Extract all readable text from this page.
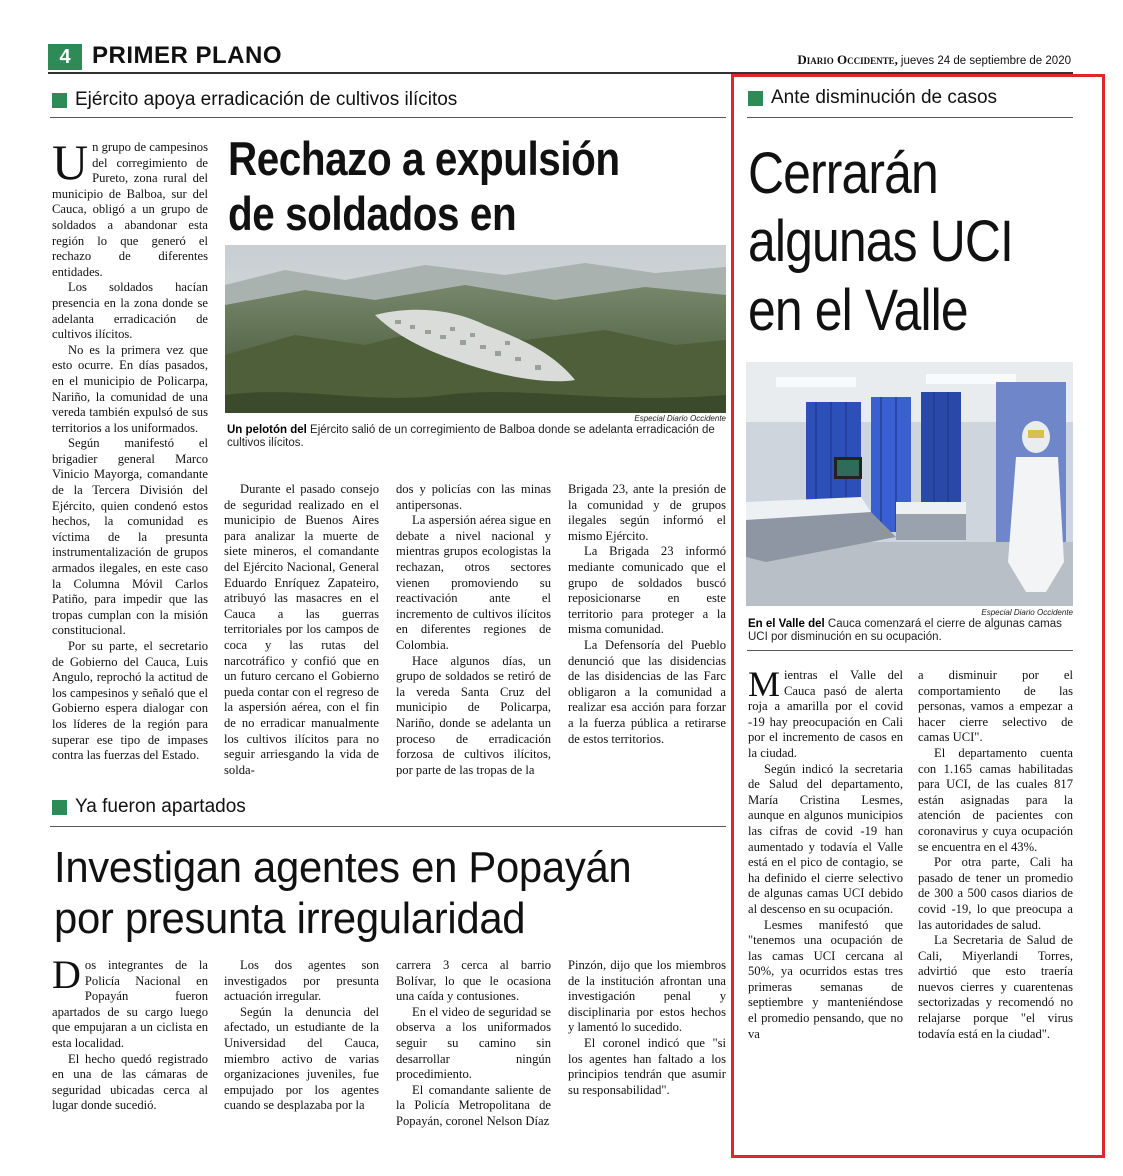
4 PRIMER PLANO	Diario Occidente, jueves 24 de septiembre de 2020
Ejército apoya erradicación de cultivos ilícitos
Rechazo a expulsión
de soldados en
Especial Diario Occidente
Un pelotón del Ejército salió de un corregimiento de Balboa donde se adelanta erradicación de cultivos ilícitos.

Un grupo de campesinos del corregimiento de Pureto, zona rural del municipio de Balboa, sur del Cauca, obligó a un grupo de soldados a abandonar esta región lo que generó el rechazo de diferentes entidades.

Los soldados hacían presencia en la zona donde se adelanta erradicación de cultivos ilícitos.

No es la primera vez que esto ocurre. En días pasados, en el municipio de Policarpa, Nariño, la comunidad de una vereda también expulsó de sus territorios a los uniformados.

Según manifestó el brigadier general Marco Vinicio Mayorga, comandante de la Tercera División del Ejército, quien condenó estos hechos, la comunidad es víctima de la presunta instrumentalización de grupos armados ilegales, en este caso la Columna Móvil Carlos Patiño, para impedir que las tropas cumplan con la misión constitucional.

Por su parte, el secretario de Gobierno del Cauca, Luis Angulo, reprochó la actitud de los campesinos y señaló que el Gobierno espera dialogar con los líderes de la región para superar ese tipo de impases contra las fuerzas del Estado.

Durante el pasado consejo de seguridad realizado en el municipio de Buenos Aires para analizar la muerte de siete mineros, el comandante del Ejército Nacional, General Eduardo Enríquez Zapateiro, atribuyó las masacres en el Cauca a las guerras territoriales por los campos de coca y las rutas del narcotráfico y confió que en un futuro cercano el Gobierno pueda contar con el regreso de la aspersión aérea, con el fin de no erradicar manualmente los cultivos ilícitos para no seguir arriesgando la vida de solda-

dos y policías con las minas antipersonas.

La aspersión aérea sigue en debate a nivel nacional y mientras grupos ecologistas la rechazan, otros sectores vienen promoviendo su reactivación ante el incremento de cultivos ilícitos en diferentes regiones de Colombia.

Hace algunos días, un grupo de soldados se retiró de la vereda Santa Cruz del municipio de Policarpa, Nariño, donde se adelanta un proceso de erradicación forzosa de cultivos ilícitos, por parte de las tropas de la

Brigada 23, ante la presión de la comunidad y de grupos ilegales según informó el mismo Ejército.

La Brigada 23 informó mediante comunicado que el grupo de soldados buscó reposicionarse en este territorio para proteger a la misma comunidad.

La Defensoría del Pueblo denunció que las disidencias de las disidencias de las Farc obligaron a la comunidad a realizar esa acción para forzar a la fuerza pública a retirarse de estos territorios.

Ya fueron apartados
Investigan agentes en Popayán
por presunta irregularidad

Dos integrantes de la Policía Nacional en Popayán fueron apartados de su cargo luego que empujaran a un ciclista en esta localidad.

El hecho quedó registrado en una de las cámaras de seguridad ubicadas cerca al lugar donde sucedió.

Los dos agentes son investigados por presunta actuación irregular.

Según la denuncia del afectado, un estudiante de la Universidad del Cauca, miembro activo de varias organizaciones juveniles, fue empujado por los agentes cuando se desplazaba por la

carrera 3 cerca al barrio Bolívar, lo que le ocasiona una caída y contusiones.

En el video de seguridad se observa a los uniformados seguir su camino sin desarrollar ningún procedimiento.

El comandante saliente de la Policía Metropolitana de Popayán, coronel Nelson Díaz

Pinzón, dijo que los miembros de la institución afrontan una investigación penal y disciplinaria por estos hechos y lamentó lo sucedido.

El coronel indicó que "si los agentes han faltado a los principios tendrán que asumir su responsabilidad".

Ante disminución de casos
Cerrarán
algunas UCI
en el Valle
Especial Diario Occidente
En el Valle del Cauca comenzará el cierre de algunas camas UCI por disminución en su ocupación.

Mientras el Valle del Cauca pasó de alerta roja a amarilla por el covid -19 hay preocupación en Cali por el incremento de casos en la ciudad.

Según indicó la secretaria de Salud del departamento, María Cristina Lesmes, aunque en algunos municipios las cifras de covid -19 han aumentado y todavía el Valle está en el pico de contagio, se ha definido el cierre selectivo de algunas camas UCI debido al descenso en su ocupación.

Lesmes manifestó que "tenemos una ocupación de las camas UCI cercana al 50%, ya ocurridos estas tres primeras semanas de septiembre y manteniéndose el promedio pensando, que no va

a disminuir por el comportamiento de las personas, vamos a empezar a hacer cierre selectivo de camas UCI".

El departamento cuenta con 1.165 camas habilitadas para UCI, de las cuales 817 están asignadas para la atención de pacientes con coronavirus y cuya ocupación se encuentra en el 43%.

Por otra parte, Cali ha pasado de tener un promedio de 300 a 500 casos diarios de covid -19, lo que preocupa a las autoridades de salud.

La Secretaria de Salud de Cali, Miyerlandi Torres, advirtió que esto traería nuevos cierres y cuarentenas sectorizadas y recomendó no relajarse porque "el virus todavía está en la ciudad".
